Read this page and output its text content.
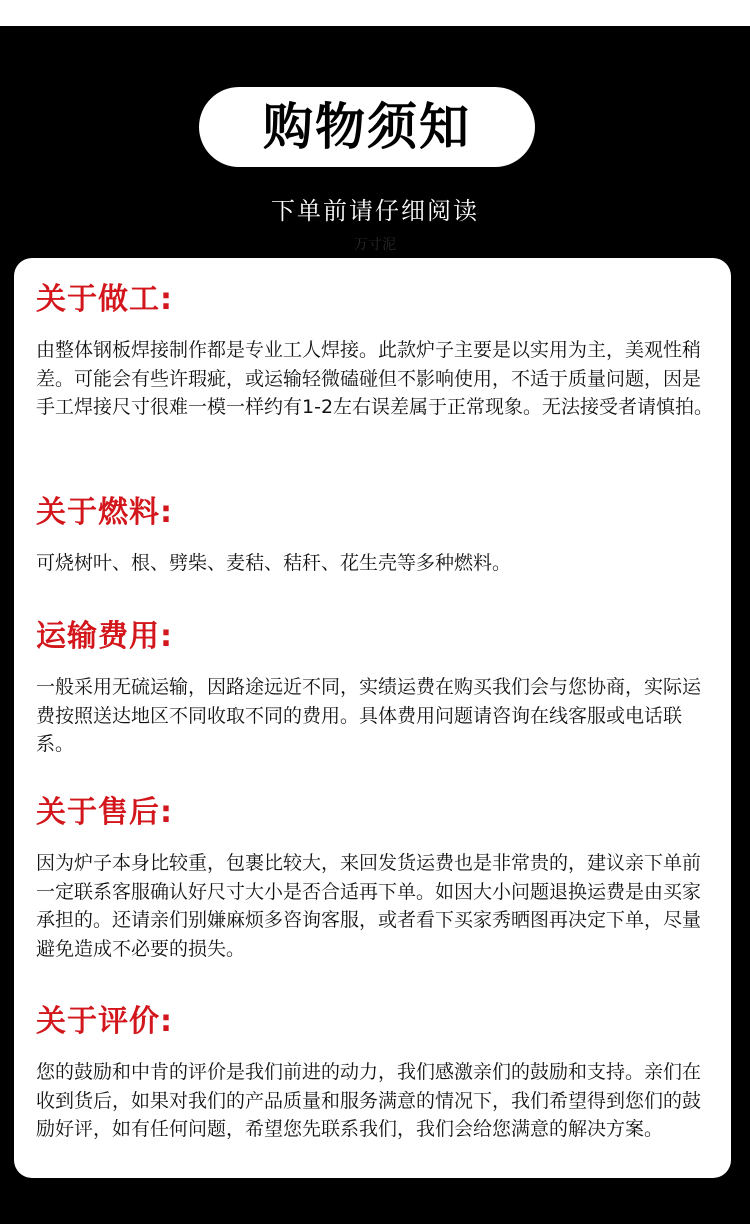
购物须知
下单前请仔细阅读
万寸泥
关于做工:

由整体钢板焊接制作都是专业工人焊接。此款炉子主要是以实用为主，美观性稍差。可能会有些许瑕疵，或运输轻微磕碰但不影响使用，不适于质量问题，因是手工焊接尺寸很难一模一样约有1-2左右误差属于正常现象。无法接受者请慎拍。

关于燃料:

可烧树叶、根、劈柴、麦秸、秸秆、花生壳等多种燃料。

运输费用:

一般采用无硫运输，因路途远近不同，实绩运费在购买我们会与您协商，实际运费按照送达地区不同收取不同的费用。具体费用问题请咨询在线客服或电话联系。

关于售后:

因为炉子本身比较重，包裹比较大，来回发货运费也是非常贵的，建议亲下单前一定联系客服确认好尺寸大小是否合适再下单。如因大小问题退换运费是由买家承担的。还请亲们别嫌麻烦多咨询客服，或者看下买家秀晒图再决定下单，尽量避免造成不必要的损失。

关于评价:

您的鼓励和中肯的评价是我们前进的动力，我们感激亲们的鼓励和支持。亲们在收到货后，如果对我们的产品质量和服务满意的情况下，我们希望得到您们的鼓励好评，如有任何问题，希望您先联系我们，我们会给您满意的解决方案。
